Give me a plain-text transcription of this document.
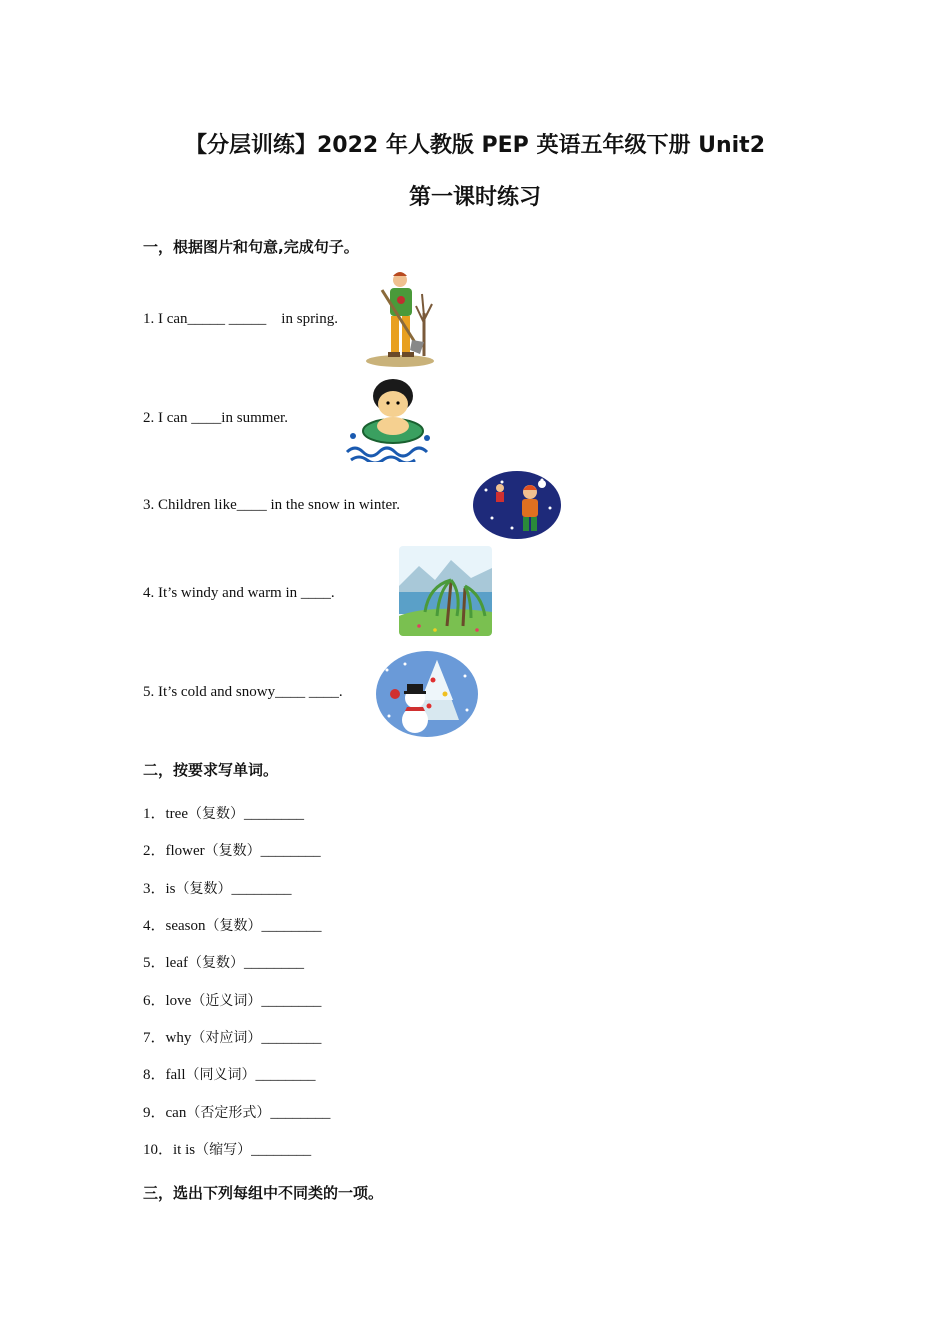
【分层训练】2022 年人教版 PEP 英语五年级下册 Unit2
第一课时练习
一，根据图片和句意,完成句子。
1. I can_____ _____    in spring.
2. I can ____in summer.
3. Children like____ in the snow in winter.
4. It’s windy and warm in ____.
5. It’s cold and snowy____ ____.
二，按要求写单词。
1．tree（复数）________
2．flower（复数）________
3．is（复数）________
4．season（复数）________
5．leaf（复数）________
6．love（近义词）________
7．why（对应词）________
8．fall（同义词）________
9．can（否定形式）________
10．it is（缩写）________
三，选出下列每组中不同类的一项。
